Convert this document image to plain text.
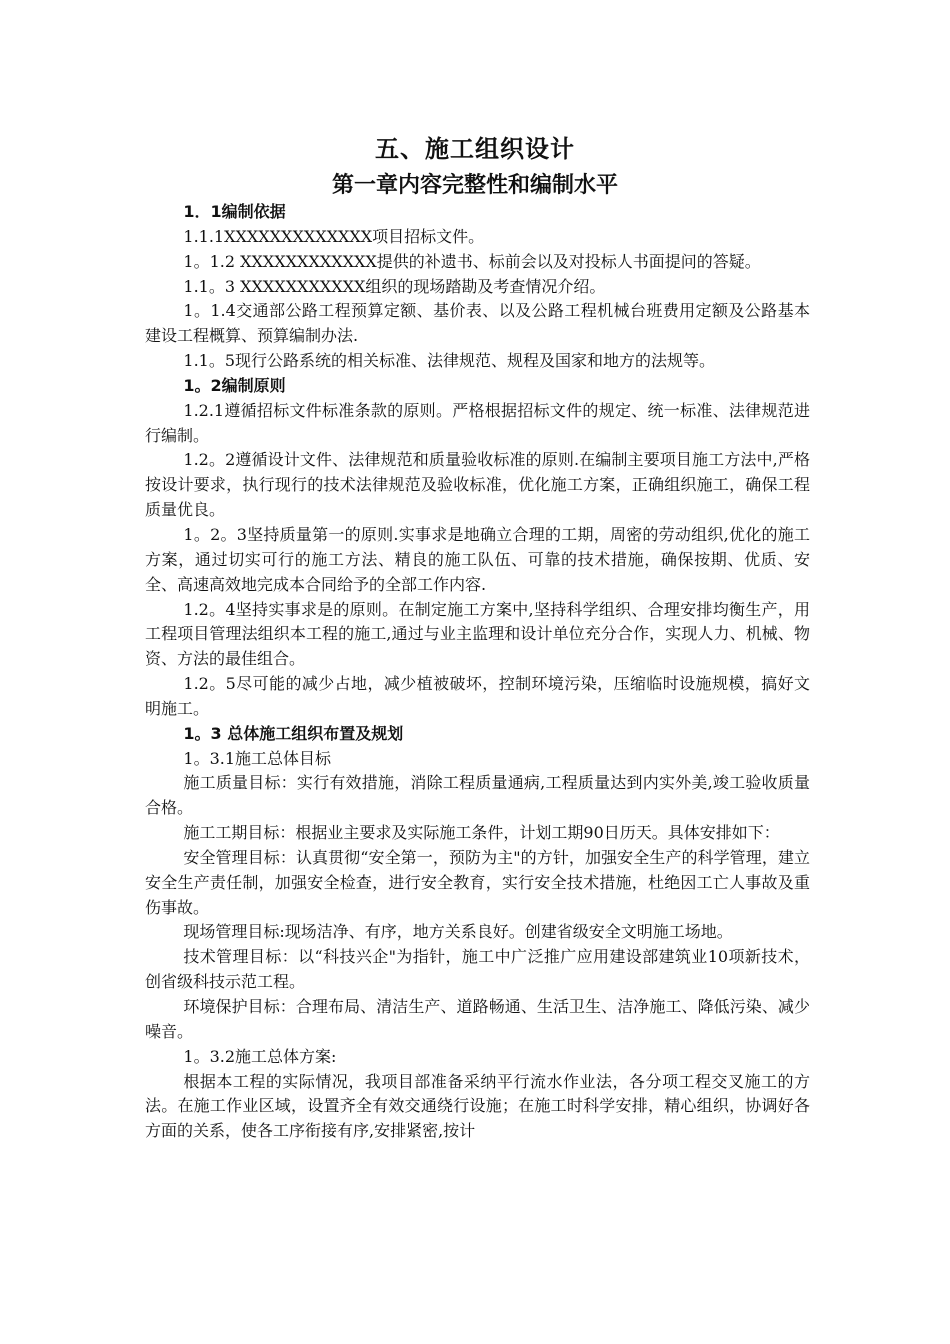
五、施工组织设计
第一章内容完整性和编制水平

1．1编制依据

1.1.1XXXXXXXXXXXXX项目招标文件。

1。1.2 XXXXXXXXXXXX提供的补遗书、标前会以及对投标人书面提问的答疑。

1.1。3 XXXXXXXXXXX组织的现场踏勘及考查情况介绍。

1。1.4交通部公路工程预算定额、基价表、以及公路工程机械台班费用定额及公路基本建设工程概算、预算编制办法.

1.1。5现行公路系统的相关标准、法律规范、规程及国家和地方的法规等。

1。2编制原则

1.2.1遵循招标文件标准条款的原则。严格根据招标文件的规定、统一标准、法律规范进行编制。

1.2。2遵循设计文件、法律规范和质量验收标准的原则.在编制主要项目施工方法中,严格按设计要求，执行现行的技术法律规范及验收标准，优化施工方案，正确组织施工，确保工程质量优良。

1。2。3坚持质量第一的原则.实事求是地确立合理的工期，周密的劳动组织,优化的施工方案，通过切实可行的施工方法、精良的施工队伍、可靠的技术措施，确保按期、优质、安全、高速高效地完成本合同给予的全部工作内容.

1.2。4坚持实事求是的原则。在制定施工方案中,坚持科学组织、合理安排均衡生产，用工程项目管理法组织本工程的施工,通过与业主监理和设计单位充分合作，实现人力、机械、物资、方法的最佳组合。

1.2。5尽可能的减少占地，减少植被破坏，控制环境污染，压缩临时设施规模，搞好文明施工。

1。3 总体施工组织布置及规划

1。3.1施工总体目标

施工质量目标：实行有效措施，消除工程质量通病,工程质量达到内实外美,竣工验收质量合格。

施工工期目标：根据业主要求及实际施工条件，计划工期90日历天。具体安排如下：

安全管理目标：认真贯彻“安全第一，预防为主"的方针，加强安全生产的科学管理，建立安全生产责任制，加强安全检查，进行安全教育，实行安全技术措施，杜绝因工亡人事故及重伤事故。

现场管理目标:现场洁净、有序，地方关系良好。创建省级安全文明施工场地。

技术管理目标：以“科技兴企"为指针，施工中广泛推广应用建设部建筑业10项新技术，创省级科技示范工程。

环境保护目标：合理布局、清洁生产、道路畅通、生活卫生、洁净施工、降低污染、减少噪音。

1。3.2施工总体方案:

根据本工程的实际情况，我项目部准备采纳平行流水作业法，各分项工程交叉施工的方法。在施工作业区域，设置齐全有效交通绕行设施；在施工时科学安排，精心组织，协调好各方面的关系，使各工序衔接有序,安排紧密,按计
